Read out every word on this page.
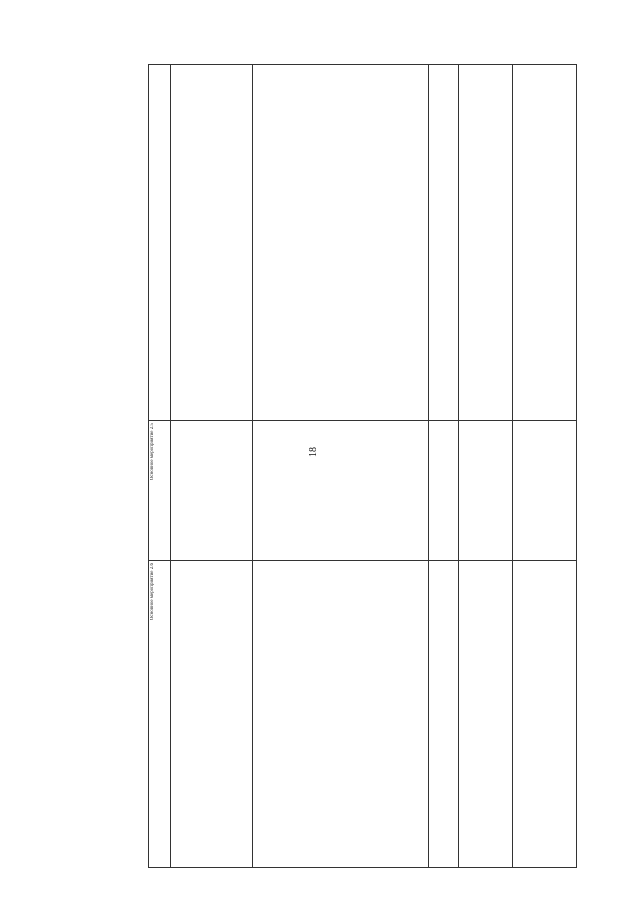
18

Основное мероприятие 2.5					

Основное мероприятие 2.6					
